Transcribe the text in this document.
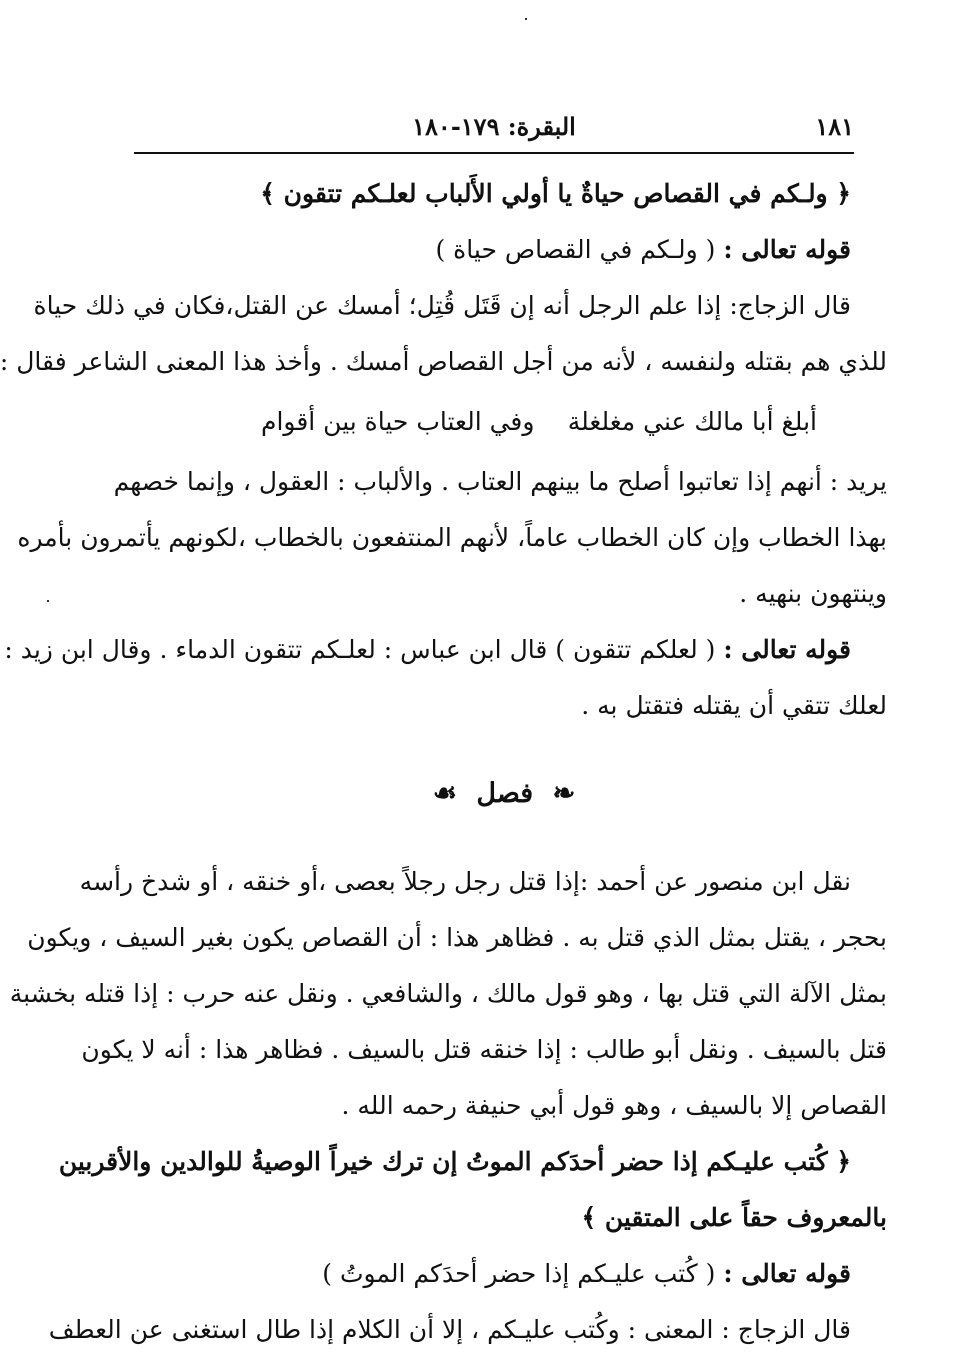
١٨١
البقرة: ١٧٩-١٨٠
﴿ ولـكم في القصاص حياةٌ يا أولي الأَلباب لعلـكم تتقون ﴾
قوله تعالى : ( ولـكم في القصاص حياة )
قال الزجاج: إذا علم الرجل أنه إن قَتَل قُتِل؛ أمسك عن القتل،فكان في ذلك حياة
للذي هم بقتله ولنفسه ، لأنه من أجل القصاص أمسك . وأخذ هذا المعنى الشاعر فقال :
أبلغ أبا مالك عني مغلغلة
وفي العتاب حياة بين أقوام
يريد : أنهم إذا تعاتبوا أصلح ما بينهم العتاب . والألباب : العقول ، وإنما خصهم
بهذا الخطاب وإن كان الخطاب عاماً، لأنهم المنتفعون بالخطاب ،لكونهم يأتمرون بأمره
وينتهون بنهيه .
قوله تعالى : ( لعلكم تتقون ) قال ابن عباس : لعلـكم تتقون الدماء . وقال ابن زيد :
لعلك تتقي أن يقتله فتقتل به .
❧ فصل ☙
نقل ابن منصور عن أحمد :إذا قتل رجل رجلاً بعصى ،أو خنقه ، أو شدخ رأسه
بحجر ، يقتل بمثل الذي قتل به . فظاهر هذا : أن القصاص يكون بغير السيف ، ويكون
بمثل الآلة التي قتل بها ، وهو قول مالك ، والشافعي . ونقل عنه حرب : إذا قتله بخشبة
قتل بالسيف . ونقل أبو طالب : إذا خنقه قتل بالسيف . فظاهر هذا : أنه لا يكون
القصاص إلا بالسيف ، وهو قول أبي حنيفة رحمه الله .
﴿ كُتب عليـكم إذا حضر أحدَكم الموتُ إن ترك خيراً الوصيةُ للوالدين والأقربين
بالمعروف حقاً على المتقين ﴾
قوله تعالى : ( كُتب عليـكم إذا حضر أحدَكم الموتُ )
قال الزجاج : المعنى : وكُتب عليـكم ، إلا أن الكلام إذا طال استغنى عن العطف
